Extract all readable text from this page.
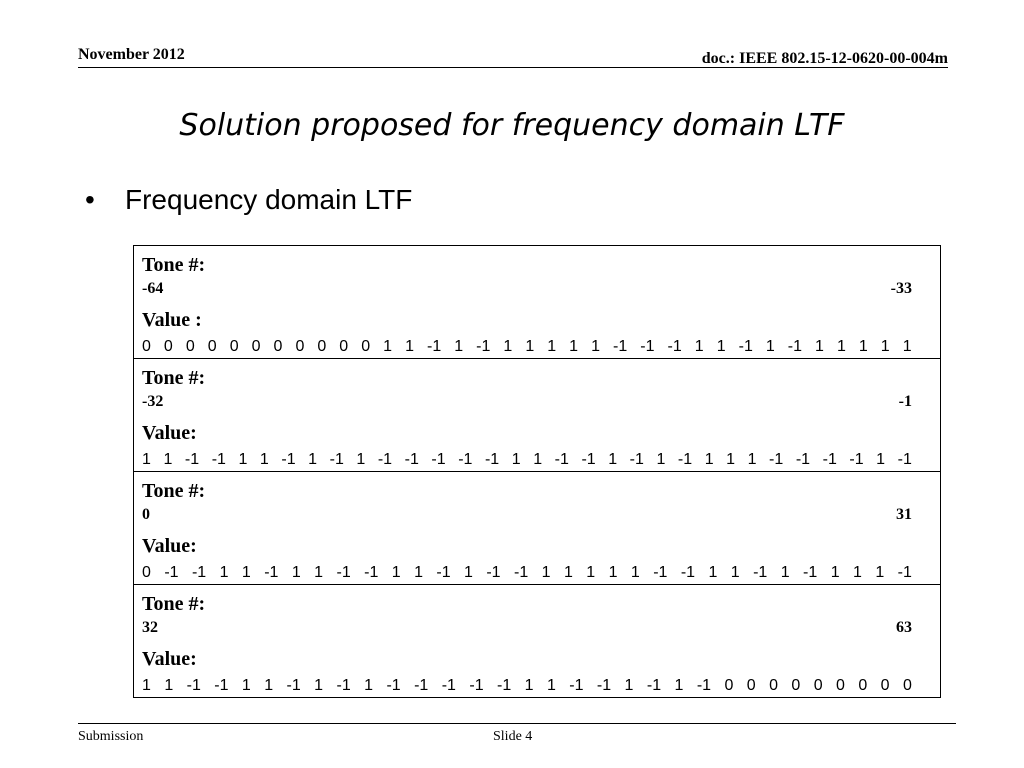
November 2012	doc.: IEEE 802.15-12-0620-00-004m
Solution proposed for frequency domain LTF
• Frequency domain LTF
Tone #:
-64	-33
Value :
0 0 0 0 0 0 0 0 0 0 0 1 1 -1 1 -1 1 1 1 1 1 -1 -1 -1 1 1 -1 1 -1 1 1 1 1 1
Tone #:
-32	-1
Value:
1 1 -1 -1 1 1 -1 1 -1 1 -1 -1 -1 -1 -1 1 1 -1 -1 1 -1 1 -1 1 1 1 -1 -1 -1 -1 1 -1
Tone #:
0	31
Value:
0 -1 -1 1 1 -1 1 1 -1 -1 1 1 -1 1 -1 -1 1 1 1 1 1 -1 -1 1 1 -1 1 -1 1 1 1 -1
Tone #:
32	63
Value:
1 1 -1 -1 1 1 -1 1 -1 1 -1 -1 -1 -1 -1 1 1 -1 -1 1 -1 1 -1 0 0 0 0 0 0 0 0 0
Submission	Slide 4
